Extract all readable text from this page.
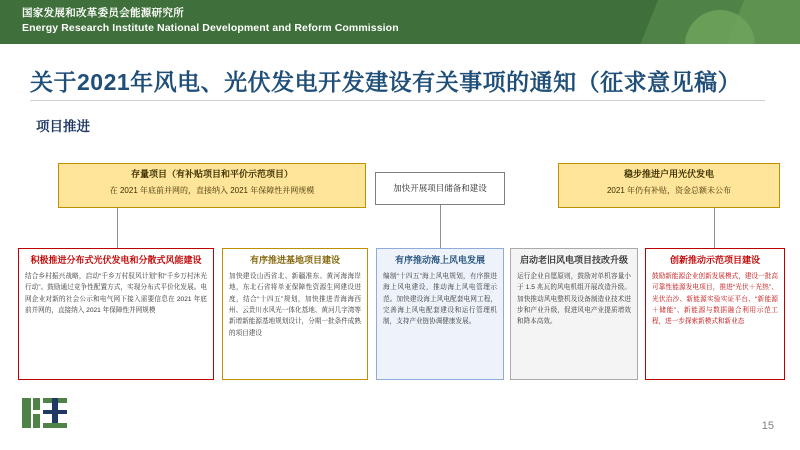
国家发展和改革委员会能源研究所
Energy Research Institute National Development and Reform Commission
关于2021年风电、光伏发电开发建设有关事项的通知（征求意见稿）
项目推进
存量项目（有补贴项目和平价示范项目）
在 2021 年底前并网的，直接纳入 2021 年保障性并网规模	加快开展项目储备和建设
稳步推进户用光伏发电
2021 年仍有补贴，资金总额未公布
积极推进分布式光伏发电和分散式风能建设
结合乡村振兴战略，启动“千乡万村驭风计划”和“千乡万村沐光行动”。鼓励通过竞争性配置方式，实现分布式平价化发展。电网企业对新的社会公示和电气网下接入需要信息在 2021 年底前并网的，直接纳入 2021 年保障性并网规模
有序推进基地项目建设
加快建设山西省北、新疆准东、黄河海海岸地，东北石省将单亚保障性资源生网建设进度，结合“十四五”规划，加快推进青海海西州、云贵川水风光一体化基地、黄河几字湾等新增新能源基地规划设计，分期一批条件成熟的项目建设
有序推动海上风电发展
编制“十四五”海上风电规划，有序推进海上风电建设，推动海上风电管理示范。加快建设海上风电配套电网工程，完善海上风电配套建设和运行管理机制，支持产业链协调健康发展。
启动老旧风电项目技改升级
运行企业自愿原则，鼓励对单机容量小于 1.5 兆瓦的风电机组开展改造升级。加快推动风电整机及设备制造业技术进步和产业升级，促进风电产业提质增效和降本高效。
创新推动示范项目建设
鼓励新能源企业创新发展模式，建设一批高可靠性能源发电项目，推进“光伏＋光热”、光伏治沙、新能源实验实证平台、“新能源＋储能”、新能源与数据融合利用示范工程，进一步探索新模式和新业态
15
